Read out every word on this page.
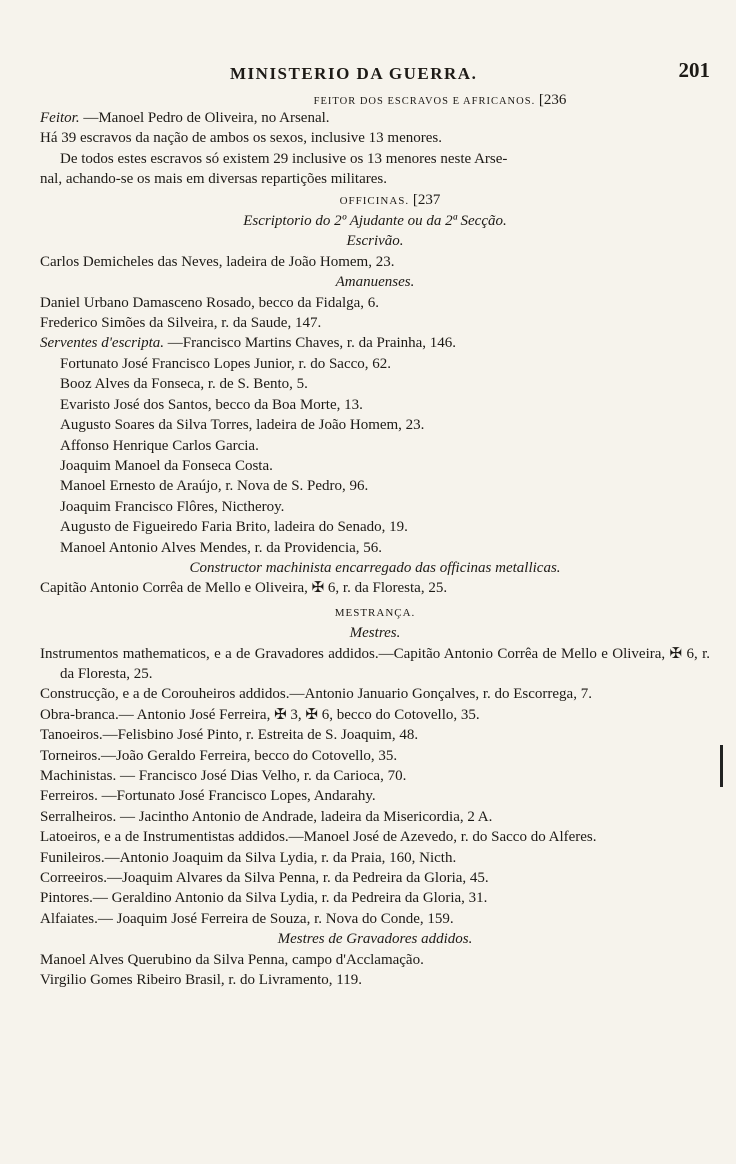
MINISTERIO DA GUERRA.	201
FEITOR DOS ESCRAVOS E AFRICANOS. [236
Feitor. —Manoel Pedro de Oliveira, no Arsenal.
Há 39 escravos da nação de ambos os sexos, inclusive 13 menores.
De todos estes escravos só existem 29 inclusive os 13 menores neste Arse-
nal, achando-se os mais em diversas repartições militares.
OFFICINAS. [237
Escriptorio do 2º Ajudante ou da 2ª Secção.
Escrivão.
Carlos Demicheles das Neves, ladeira de João Homem, 23.
Amanuenses.
Daniel Urbano Damasceno Rosado, becco da Fidalga, 6.
Frederico Simões da Silveira, r. da Saude, 147.
Serventes d'escripta. —Francisco Martins Chaves, r. da Prainha, 146.
Fortunato José Francisco Lopes Junior, r. do Sacco, 62.
Booz Alves da Fonseca, r. de S. Bento, 5.
Evaristo José dos Santos, becco da Boa Morte, 13.
Augusto Soares da Silva Torres, ladeira de João Homem, 23.
Affonso Henrique Carlos Garcia.
Joaquim Manoel da Fonseca Costa.
Manoel Ernesto de Araújo, r. Nova de S. Pedro, 96.
Joaquim Francisco Flôres, Nictheroy.
Augusto de Figueiredo Faria Brito, ladeira do Senado, 19.
Manoel Antonio Alves Mendes, r. da Providencia, 56.
Constructor machinista encarregado das officinas metallicas.
Capitão Antonio Corrêa de Mello e Oliveira, ✠ 6, r. da Floresta, 25.
MESTRANÇA.
Mestres.
Instrumentos mathematicos, e a de Gravadores addidos.—Capitão Antonio Corrêa de Mello e Oliveira, ✠ 6, r. da Floresta, 25.
Construcção, e a de Corouheiros addidos.—Antonio Januario Gonçalves, r. do Escorrega, 7.
Obra-branca.— Antonio José Ferreira, ✠ 3, ✠ 6, becco do Cotovello, 35.
Tanoeiros.—Felisbino José Pinto, r. Estreita de S. Joaquim, 48.
Torneiros.—João Geraldo Ferreira, becco do Cotovello, 35.
Machinistas. — Francisco José Dias Velho, r. da Carioca, 70.
Ferreiros. —Fortunato José Francisco Lopes, Andarahy.
Serralheiros. — Jacintho Antonio de Andrade, ladeira da Misericordia, 2 A.
Latoeiros, e a de Instrumentistas addidos.—Manoel José de Azevedo, r. do Sacco do Alferes.
Funileiros.—Antonio Joaquim da Silva Lydia, r. da Praia, 160, Nicth.
Correeiros.—Joaquim Alvares da Silva Penna, r. da Pedreira da Gloria, 45.
Pintores.— Geraldino Antonio da Silva Lydia, r. da Pedreira da Gloria, 31.
Alfaiates.— Joaquim José Ferreira de Souza, r. Nova do Conde, 159.
Mestres de Gravadores addidos.
Manoel Alves Querubino da Silva Penna, campo d'Acclamação.
Virgilio Gomes Ribeiro Brasil, r. do Livramento, 119.
